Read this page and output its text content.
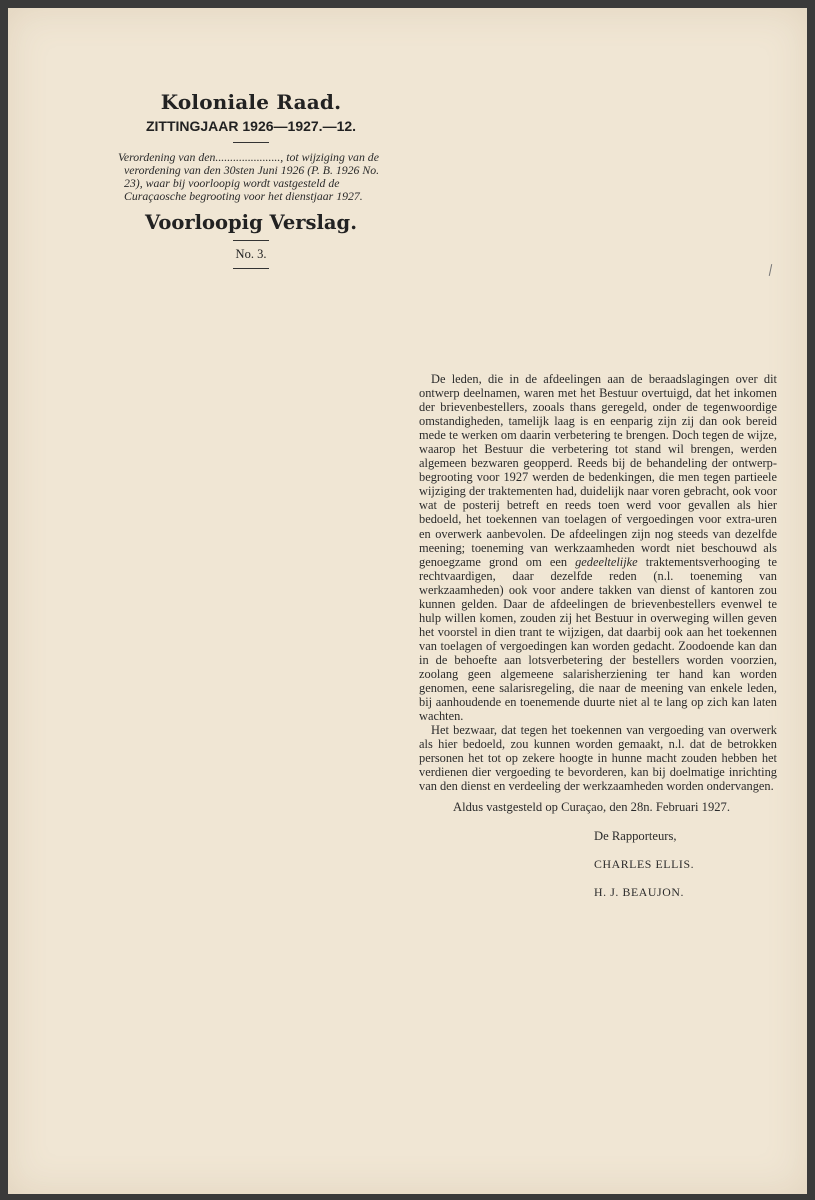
Koloniale Raad.
ZITTINGJAAR 1926—1927.—12.
Verordening van den......................, tot wijziging van de verordening van den 30sten Juni 1926 (P. B. 1926 No. 23), waar bij voorloopig wordt vastgesteld de Curaçaosche begrooting voor het dienstjaar 1927.
Voorloopig Verslag.
No. 3.

De leden, die in de afdeelingen aan de beraadslagingen over dit ontwerp deelnamen, waren met het Bestuur overtuigd, dat het inkomen der brievenbestellers, zooals thans geregeld, onder de tegenwoordige omstandigheden, tamelijk laag is en eenparig zijn zij dan ook bereid mede te werken om daarin verbetering te brengen. Doch tegen de wijze, waarop het Bestuur die verbetering tot stand wil brengen, werden algemeen bezwaren geopperd. Reeds bij de behandeling der ontwerp-begrooting voor 1927 werden de bedenkingen, die men tegen partieele wijziging der traktementen had, duidelijk naar voren gebracht, ook voor wat de posterij betreft en reeds toen werd voor gevallen als hier bedoeld, het toekennen van toelagen of vergoedingen voor extra-uren en overwerk aanbevolen. De afdeelingen zijn nog steeds van dezelfde meening; toeneming van werkzaamheden wordt niet beschouwd als genoegzame grond om een gedeeltelijke traktementsverhooging te rechtvaardigen, daar dezelfde reden (n.l. toeneming van werkzaamheden) ook voor andere takken van dienst of kantoren zou kunnen gelden. Daar de afdeelingen de brievenbestellers evenwel te hulp willen komen, zouden zij het Bestuur in overweging willen geven het voorstel in dien trant te wijzigen, dat daarbij ook aan het toekennen van toelagen of vergoedingen kan worden gedacht. Zoodoende kan dan in de behoefte aan lotsverbetering der bestellers worden voorzien, zoolang geen algemeene salarisherziening ter hand kan worden genomen, eene salarisregeling, die naar de meening van enkele leden, bij aanhoudende en toenemende duurte niet al te lang op zich kan laten wachten.

Het bezwaar, dat tegen het toekennen van vergoeding van overwerk als hier bedoeld, zou kunnen worden gemaakt, n.l. dat de betrokken personen het tot op zekere hoogte in hunne macht zouden hebben het verdienen dier vergoeding te bevorderen, kan bij doelmatige inrichting van den dienst en verdeeling der werkzaamheden worden ondervangen.

Aldus vastgesteld op Curaçao, den 28n. Februari 1927.
De Rapporteurs,
CHARLES ELLIS.
H. J. BEAUJON.
